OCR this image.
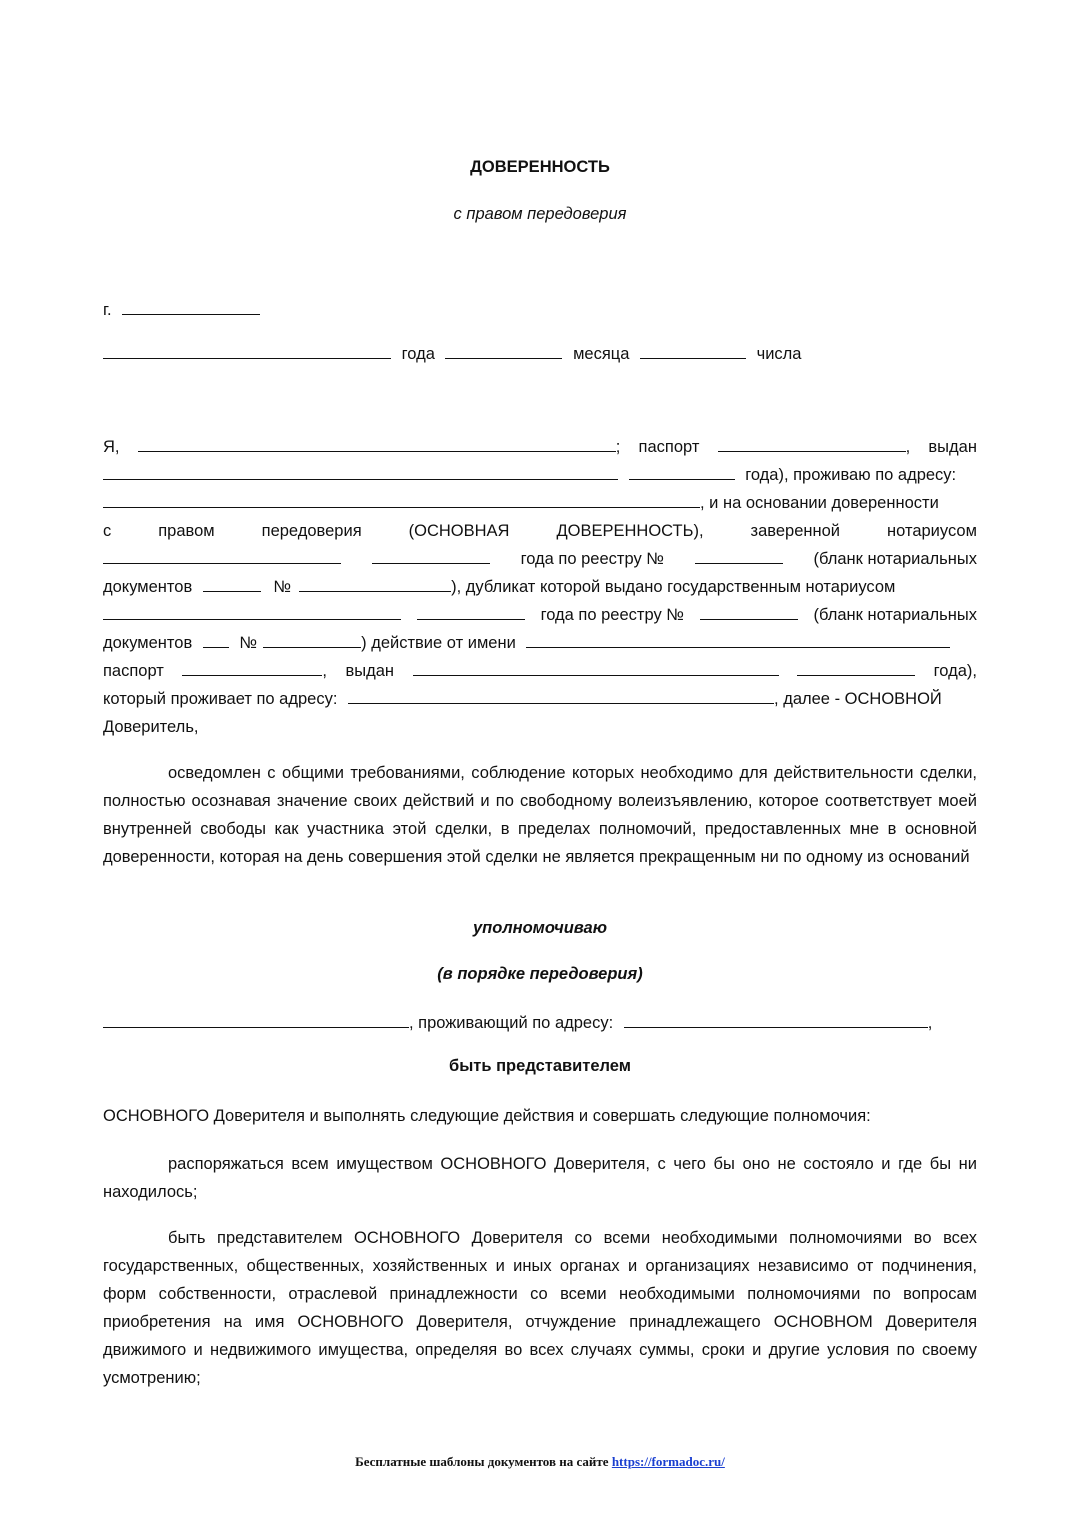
ДОВЕРЕННОСТЬ
с правом передоверия
г.
года	месяца	числа
Я,	; паспорт	, выдан
года), проживаю по адресу:
, и на основании доверенности
с	правом	передоверия	(ОСНОВНАЯ	ДОВЕРЕННОСТЬ),	заверенной	нотариусом
года по реестру №	(бланк нотариальных
документов	№	), дубликат которой выдано государственным нотариусом
года по реестру №	(бланк нотариальных
документов	№	) действие от имени
паспорт	, выдан	года),
который проживает по адресу:	, далее - ОСНОВНОЙ
Доверитель,
осведомлен с общими требованиями, соблюдение которых необходимо для действительности сделки, полностью осознавая значение своих действий и по свободному волеизъявлению, которое соответствует моей внутренней свободы как участника этой сделки, в пределах полномочий, предоставленных мне в основной доверенности, которая на день совершения этой сделки не является прекращенным ни по одному из оснований
уполномочиваю
(в порядке передоверия)
, проживающий по адресу:	,
быть представителем
ОСНОВНОГО Доверителя и выполнять следующие действия и совершать следующие полномочия:
распоряжаться всем имуществом ОСНОВНОГО Доверителя, с чего бы оно не состояло и где бы ни находилось;
быть представителем ОСНОВНОГО Доверителя со всеми необходимыми полномочиями во всех государственных, общественных, хозяйственных и иных органах и организациях независимо от подчинения, форм собственности, отраслевой принадлежности со всеми необходимыми полномочиями по вопросам приобретения на имя ОСНОВНОГО Доверителя, отчуждение принадлежащего ОСНОВНОМ Доверителя движимого и недвижимого имущества, определяя во всех случаях суммы, сроки и другие условия по своему усмотрению;
Бесплатные шаблоны документов на сайте https://formadoc.ru/
